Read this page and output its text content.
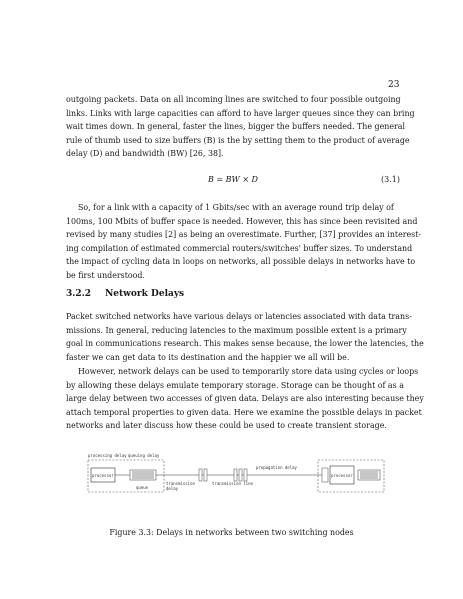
23

outgoing packets. Data on all incoming lines are switched to four possible outgoing
links. Links with large capacities can afford to have larger queues since they can bring
wait times down. In general, faster the lines, bigger the buffers needed. The general
rule of thumb used to size buffers (B) is the by setting them to the product of average
delay (D) and bandwidth (BW) [26, 38].

B = BW × D	(3.1)

So, for a link with a capacity of 1 Gbits/sec with an average round trip delay of
100ms, 100 Mbits of buffer space is needed. However, this has since been revisited and
revised by many studies [2] as being an overestimate. Further, [37] provides an interest-
ing compilation of estimated commercial routers/switches' buffer sizes. To understand
the impact of cycling data in loops on networks, all possible delays in networks have to
be first understood.

3.2.2 Network Delays

Packet switched networks have various delays or latencies associated with data trans-
missions. In general, reducing latencies to the maximum possible extent is a primary
goal in communications research. This makes sense because, the lower the latencies, the
faster we can get data to its destination and the happier we all will be.

However, network delays can be used to temporarily store data using cycles or loops
by allowing these delays emulate temporary storage. Storage can be thought of as a
large delay between two accesses of given data. Delays are also interesting because they
attach temporal properties to given data. Here we examine the possible delays in packet
networks and later discuss how these could be used to create transient storage.

processor
queue
processing delay queuing delay
transmission
delay
propagation delay
transmission line
processor
Figure 3.3: Delays in networks between two switching nodes
